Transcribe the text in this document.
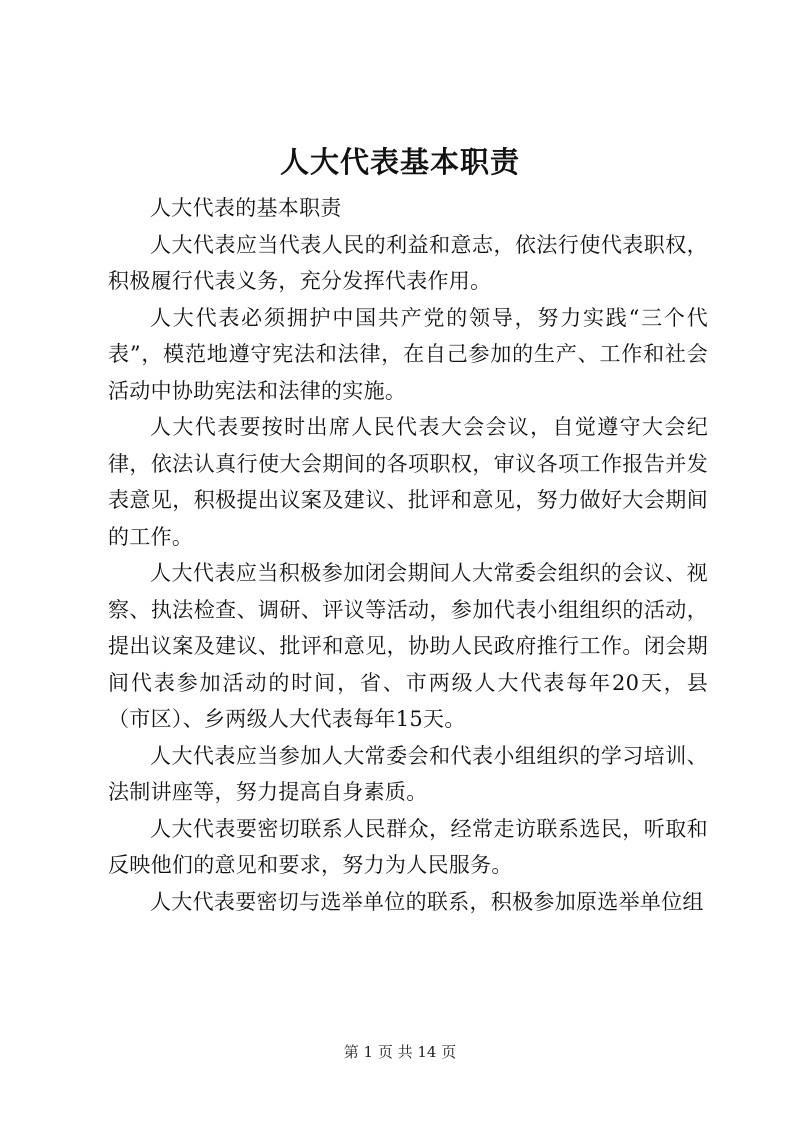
人大代表基本职责

人大代表的基本职责

人大代表应当代表人民的利益和意志，依法行使代表职权，积极履行代表义务，充分发挥代表作用。

人大代表必须拥护中国共产党的领导，努力实践“三个代表”，模范地遵守宪法和法律，在自己参加的生产、工作和社会活动中协助宪法和法律的实施。

人大代表要按时出席人民代表大会会议，自觉遵守大会纪律，依法认真行使大会期间的各项职权，审议各项工作报告并发表意见，积极提出议案及建议、批评和意见，努力做好大会期间的工作。

人大代表应当积极参加闭会期间人大常委会组织的会议、视察、执法检查、调研、评议等活动，参加代表小组组织的活动，提出议案及建议、批评和意见，协助人民政府推行工作。闭会期间代表参加活动的时间，省、市两级人大代表每年20天，县（市区）、乡两级人大代表每年15天。

人大代表应当参加人大常委会和代表小组组织的学习培训、法制讲座等，努力提高自身素质。

人大代表要密切联系人民群众，经常走访联系选民，听取和反映他们的意见和要求，努力为人民服务。

人大代表要密切与选举单位的联系，积极参加原选举单位组

第 1 页 共 14 页
